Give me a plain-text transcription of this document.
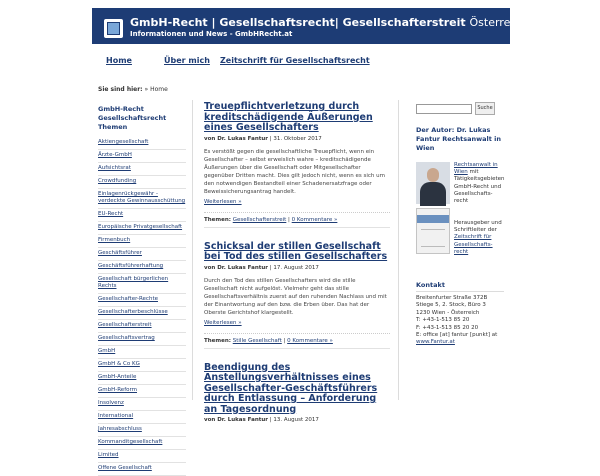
GmbH-Recht | Gesellschaftsrecht| Gesellschafterstreit Österreich
Informationen und News - GmbHRecht.at
Home	Über mich Zeitschrift für Gesellschaftsrecht
Sie sind hier: » Home
GmbH-Recht Gesellschaftsrecht Themen
Aktiengesellschaft
Ärzte-GmbH
Aufsichtsrat
Crowdfunding
Einlagenrückgewähr - verdeckte Gewinnausschüttung
EU-Recht
Europäische Privatgesellschaft
Firmenbuch
Geschäftsführer
Geschäftsführerhaftung
Gesellschaft bürgerlichen Rechts
Gesellschafter-Rechte
Gesellschafterbeschlüsse
Gesellschafterstreit
Gesellschaftsvertrag
GmbH
GmbH & Co KG
GmbH-Anteile
GmbH-Reform
Insolvenz
International
Jahresabschluss
Kommanditgesellschaft
Limited
Offene Gesellschaft
Treuepflichtverletzung durch kreditschädigende Äußerungen eines Gesellschafters
von Dr. Lukas Fantur | 31. Oktober 2017
Es verstößt gegen die gesellschaftliche Treuepflicht, wenn ein Gesellschafter – selbst erweislich wahre – kreditschädigende Äußerungen über die Gesellschaft oder Mitgesellschafter gegenüber Dritten macht. Dies gilt jedoch nicht, wenn es sich um den notwendigen Bestandteil einer Schadenersatzfrage oder Beweissicherungsantrag handelt.
Weiterlesen »
Themen: Gesellschafterstreit | 0 Kommentare »
Schicksal der stillen Gesellschaft bei Tod des stillen Gesellschafters
von Dr. Lukas Fantur | 17. August 2017
Durch den Tod des stillen Gesellschafters wird die stille Gesellschaft nicht aufgelöst. Vielmehr geht das stille Gesellschaftsverhältnis zuerst auf den ruhenden Nachlass und mit der Einantwortung auf den bzw. die Erben über. Das hat der Oberste Gerichtshof klargestellt.
Weiterlesen »
Themen: Stille Gesellschaft | 0 Kommentare »
Beendigung des Anstellungsverhältnisses eines Gesellschafter-Geschäftsführers durch Entlassung – Anforderung an Tagesordnung
von Dr. Lukas Fantur | 13. August 2017
Suche
Der Autor: Dr. Lukas Fantur Rechtsanwalt in Wien
Rechtsanwalt in Wien mit Tätigkeitsgebieten GmbH-Recht und Gesellschafts-recht
Herausgeber und Schriftleiter der Zeitschrift für Gesellschafts-recht
Kontakt
Breitenfurter Straße 372B
Stiege 5, 2. Stock, Büro 3
1230 Wien - Österreich
T: +43-1-513 85 20
F: +43-1-513 85 20 20
E: office [at] fantur [punkt] at
www.Fantur.at
